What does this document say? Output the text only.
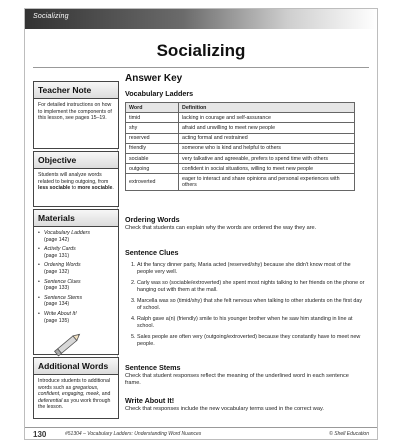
Socializing
Socializing
Teacher Note
For detailed instructions on how to implement the components of this lesson, see pages 15–19.
Objective
Students will analyze words related to being outgoing, from less sociable to more sociable.
Materials
• Vocabulary Ladders
(page 142)
• Activity Cards
(page 131)
• Ordering Words
(page 132)
• Sentence Clues
(page 133)
• Sentence Stems
(page 134)
• Write About It!
(page 135)
Additional Words
Introduce students to additional words such as gregarious, confident, engaging, meek, and deferential as you work through the lesson.
Answer Key
Vocabulary Ladders
Word	Definition
timid	lacking in courage and self-assurance
shy	afraid and unwilling to meet new people
reserved	acting formal and restrained
friendly	someone who is kind and helpful to others
sociable	very talkative and agreeable, prefers to spend time with others
outgoing	confident in social situations, willing to meet new people
extroverted	eager to interact and share opinions and personal experiences with others
Ordering Words
Check that students can explain why the words are ordered the way they are.
Sentence Clues
1. At the fancy dinner party, Maria acted (reserved/shy) because she didn't know most of the people very well.
2. Carly was so (sociable/extroverted) she spent most nights talking to her friends on the phone or hanging out with them at the mall.
3. Marcella was so (timid/shy) that she felt nervous when talking to other students on the first day of school.
4. Ralph gave a(n) (friendly) smile to his younger brother when he saw him standing in line at school.
5. Sales people are often very (outgoing/extroverted) because they constantly have to meet new people.
Sentence Stems
Check that student responses reflect the meaning of the underlined word in each sentence frame.
Write About It!
Check that responses include the new vocabulary terms used in the correct way.
130	#51304 – Vocabulary Ladders: Understanding Word Nuances	© Shell Education
